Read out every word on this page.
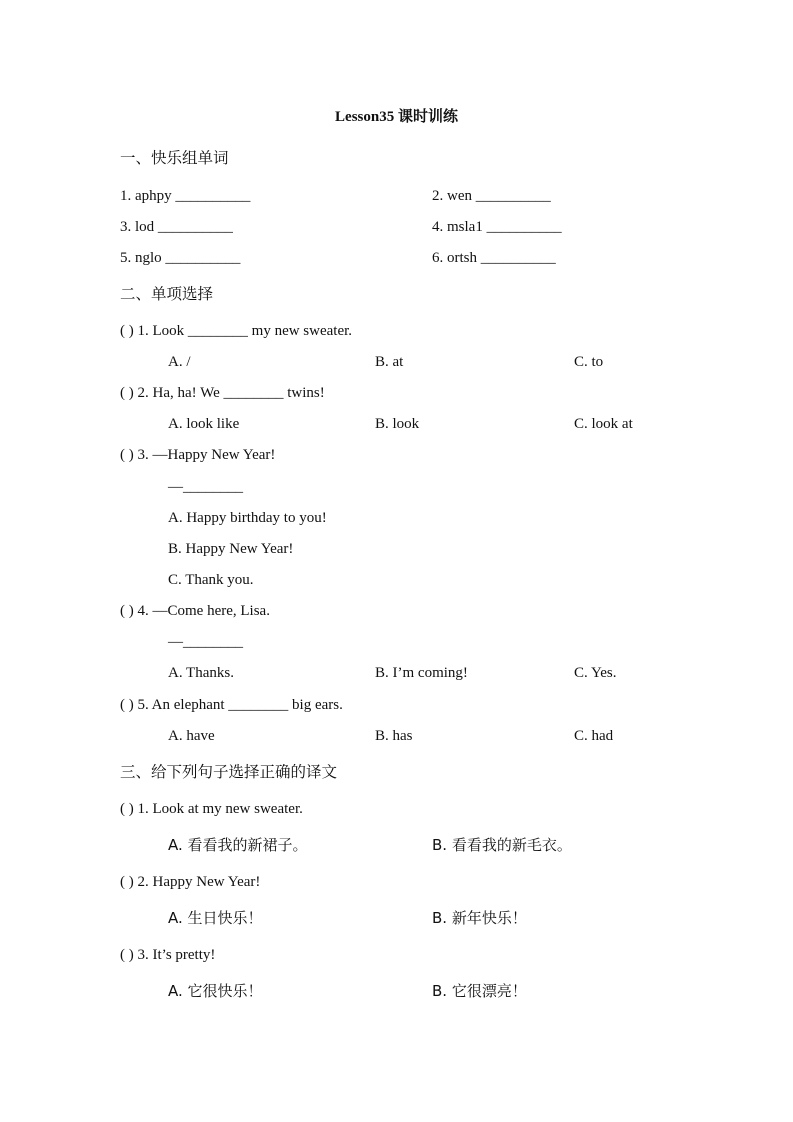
Lesson35 课时训练
一、快乐组单词
1. aphpy __________	2. wen __________
3. lod __________	4. msla1 __________
5. nglo __________	6. ortsh __________
二、单项选择
( ) 1. Look ________ my new sweater.
A. /	B. at	C. to
( ) 2. Ha, ha! We ________ twins!
A. look like	B. look	C. look at
( ) 3. —Happy New Year!
—________
A. Happy birthday to you!
B. Happy New Year!
C. Thank you.
( ) 4. —Come here, Lisa.
—________
A. Thanks.	B. I’m coming!	C. Yes.
( ) 5. An elephant ________ big ears.
A. have	B. has	C. had
三、给下列句子选择正确的译文
( ) 1. Look at my new sweater.
A. 看看我的新裙子。	B. 看看我的新毛衣。
( ) 2. Happy New Year!
A. 生日快乐！	B. 新年快乐！
( ) 3. It’s pretty!
A. 它很快乐！	B. 它很漂亮！
